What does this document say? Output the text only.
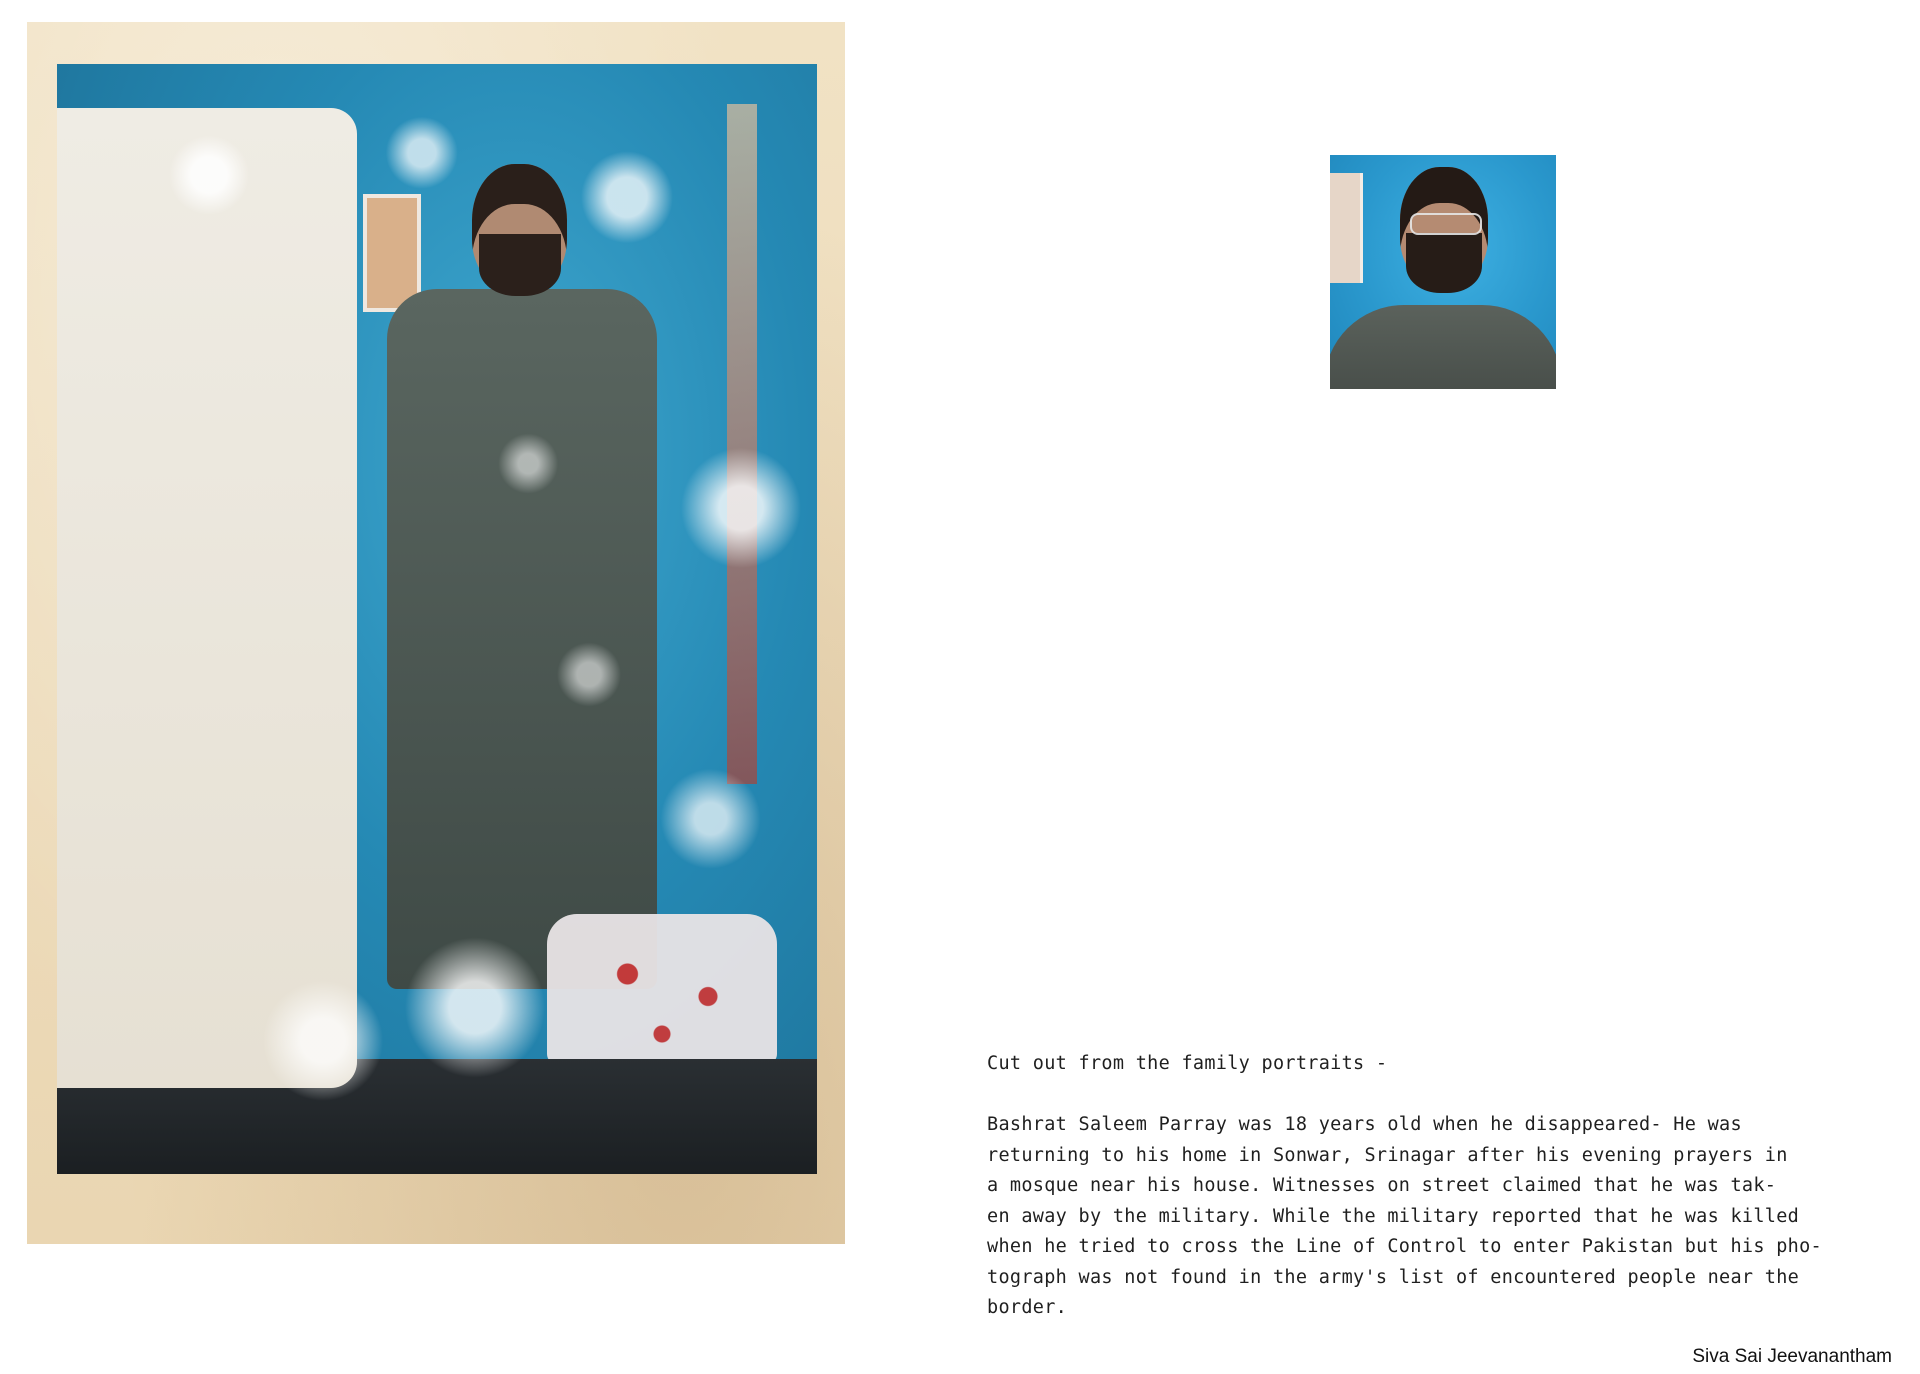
Cut out from the family portraits -
Bashrat Saleem Parray was 18 years old when he disappeared- He was
returning to his home in Sonwar, Srinagar after his evening prayers in
a mosque near his house. Witnesses on street claimed that he was tak-
en away by the military. While the military reported that he was killed
when he tried to cross the Line of Control to enter Pakistan but his pho-
tograph was not found in the army's list of encountered people near the
border.
Siva Sai Jeevanantham
